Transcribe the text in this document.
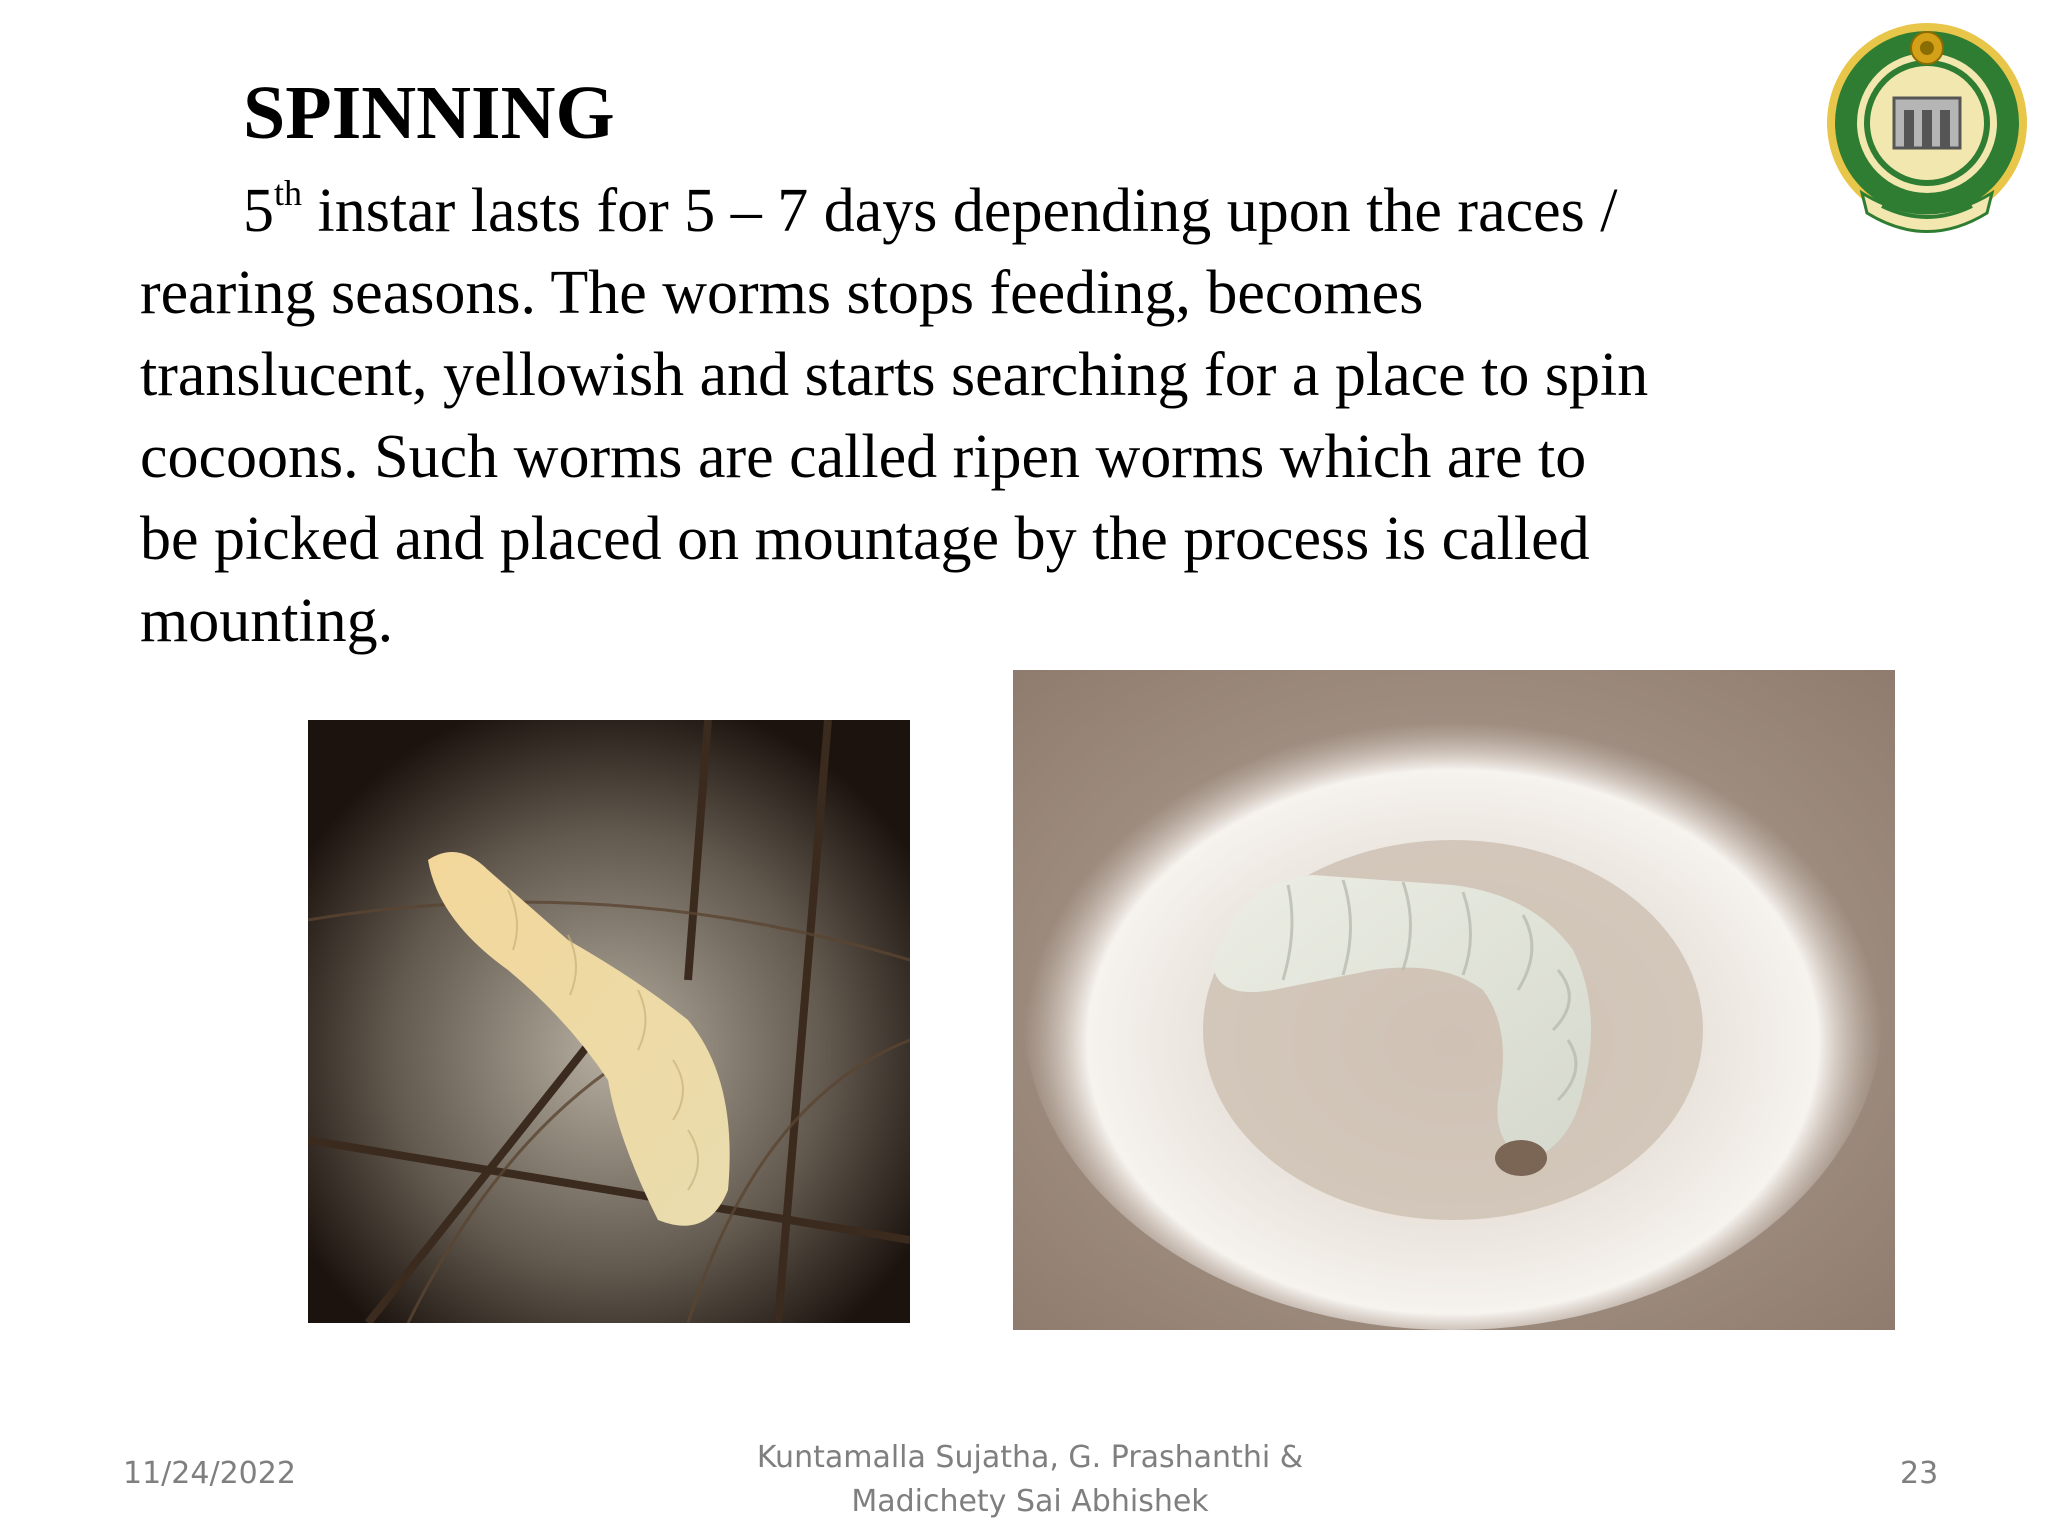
SPINNING
5th instar lasts for 5 – 7 days depending upon the races /
rearing seasons. The worms stops feeding, becomes
translucent, yellowish and starts searching for a place to spin
cocoons. Such worms are called ripen worms which are to
be picked and placed on mountage by the process is called
mounting.
11/24/2022	Kuntamalla Sujatha, G. Prashanthi &
Madichety Sai Abhishek
23
